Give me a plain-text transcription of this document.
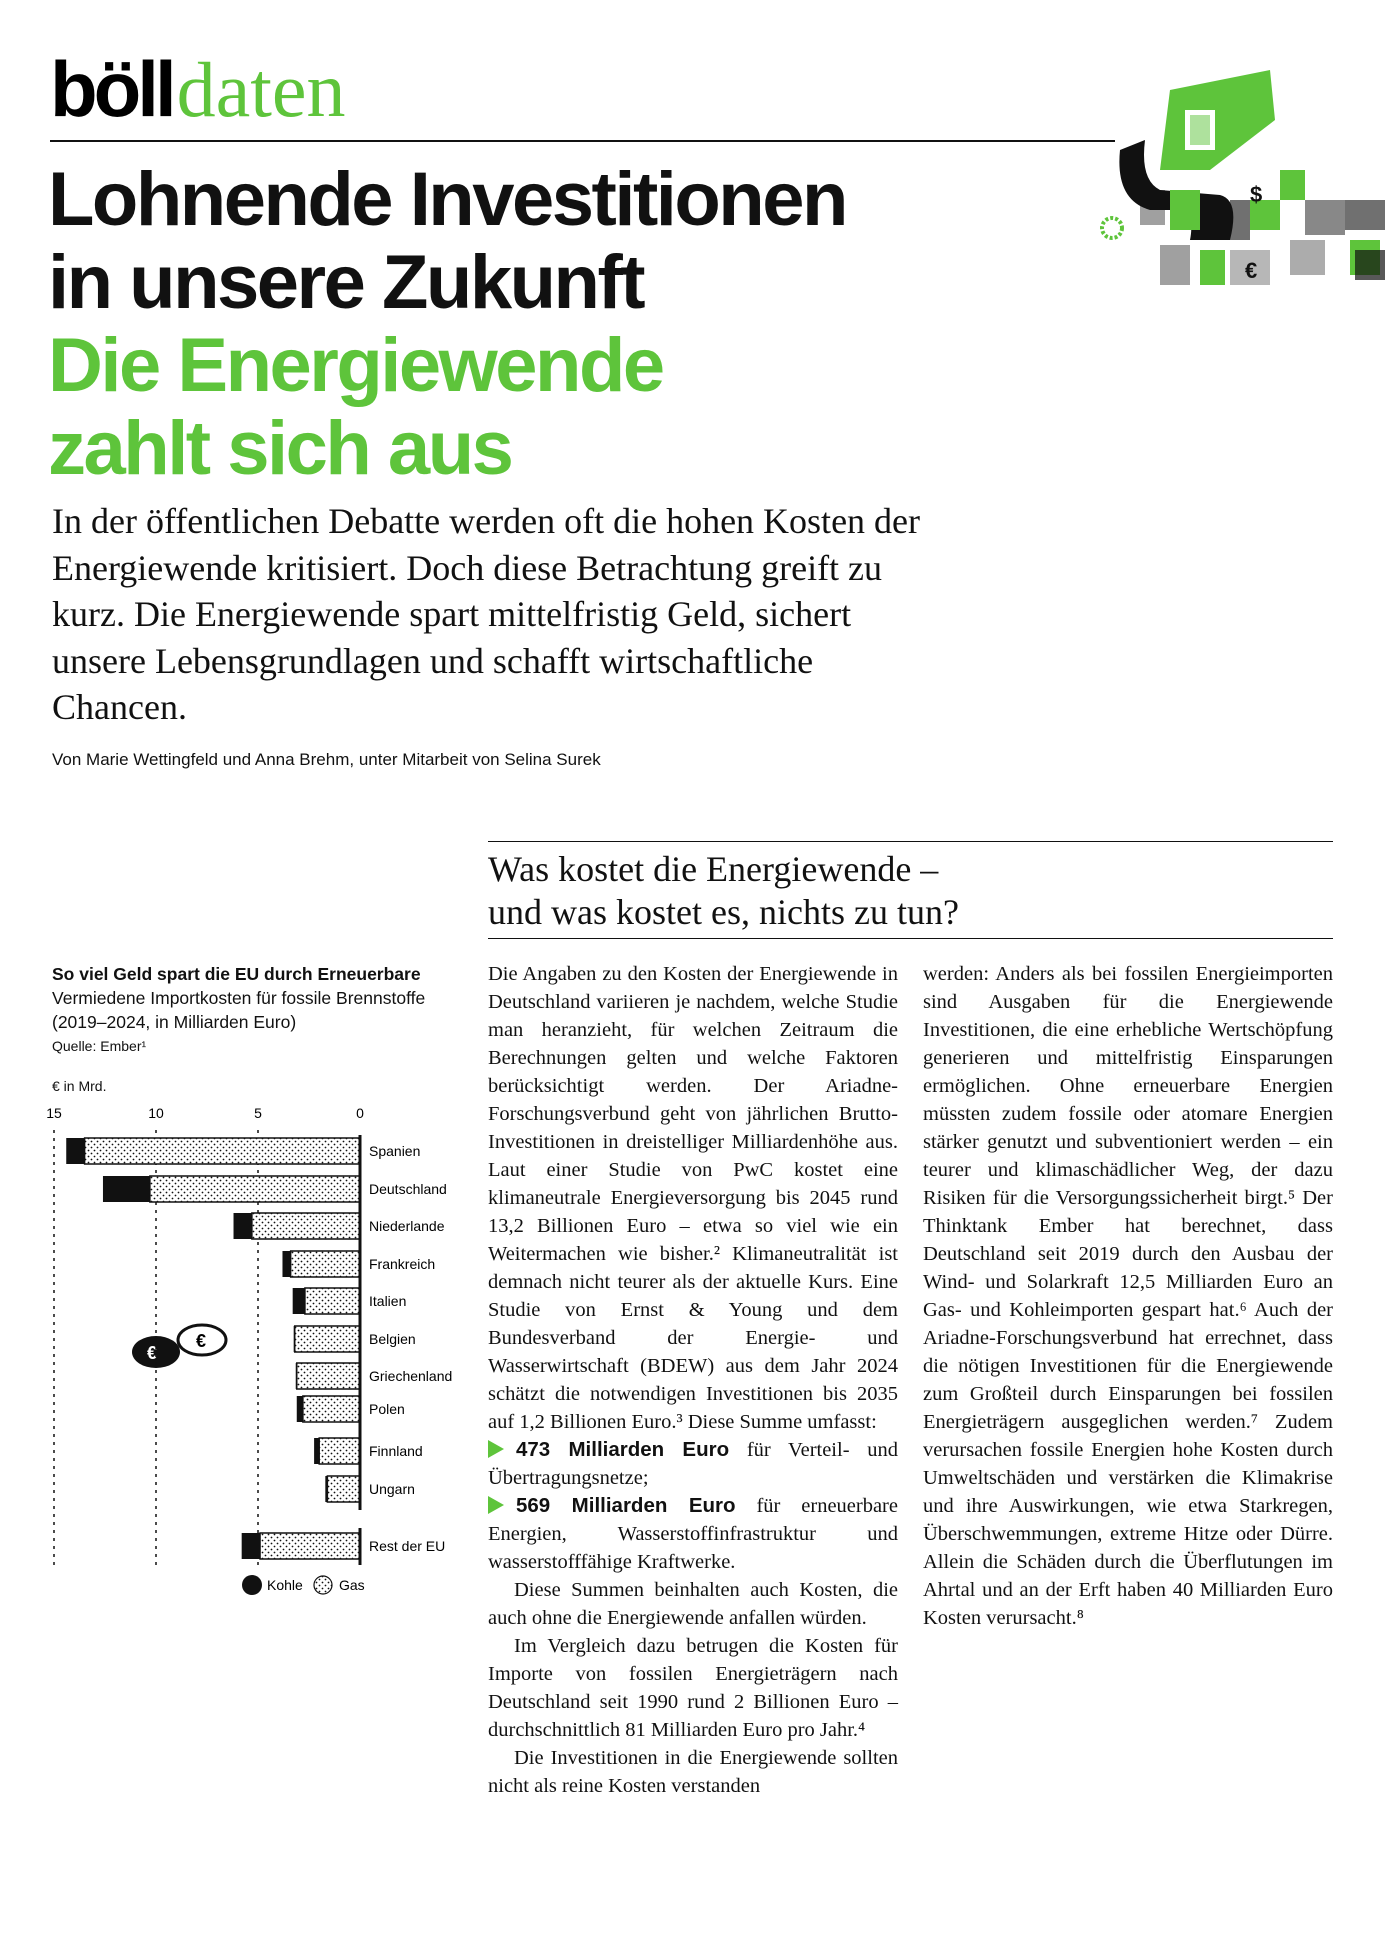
bölldaten
$
€
Lohnende Investitionen
in unsere Zukunft
Die Energiewende
zahlt sich aus

In der öffentlichen Debatte werden oft die hohen Kosten der Energiewende kritisiert. Doch diese Betrachtung greift zu kurz. Die Energiewende spart mittelfristig Geld, sichert unsere Lebensgrundlagen und schafft wirtschaftliche Chancen.

Von Marie Wettingfeld und Anna Brehm, unter Mitarbeit von Selina Surek
Was kostet die Energiewende –
und was kostet es, nichts zu tun?

Die Angaben zu den Kosten der Energiewende in Deutschland variieren je nachdem, welche Studie man heranzieht, für welchen Zeitraum die Berechnungen gelten und welche Faktoren berücksichtigt werden. Der Ariadne-Forschungsverbund geht von jährlichen Brutto-Investitionen in dreistelliger Milliardenhöhe aus. Laut einer Studie von PwC kostet eine klimaneutrale Energieversorgung bis 2045 rund 13,2 Billionen Euro – etwa so viel wie ein Weitermachen wie bisher.² Klimaneutralität ist demnach nicht teurer als der aktuelle Kurs. Eine Studie von Ernst & Young und dem Bundesverband der Energie- und Wasserwirtschaft (BDEW) aus dem Jahr 2024 schätzt die notwendigen Investitionen bis 2035 auf 1,2 Billionen Euro.³ Diese Summe umfasst:

473 Milliarden Euro für Verteil- und Übertragungsnetze;
569 Milliarden Euro für erneuerbare Energien, Wasserstoffinfrastruktur und wasserstofffähige Kraftwerke.

Diese Summen beinhalten auch Kosten, die auch ohne die Energiewende anfallen würden.

Im Vergleich dazu betrugen die Kosten für Importe von fossilen Energieträgern nach Deutschland seit 1990 rund 2 Billionen Euro – durchschnittlich 81 Milliarden Euro pro Jahr.⁴

Die Investitionen in die Energiewende sollten nicht als reine Kosten verstanden

werden: Anders als bei fossilen Energieimporten sind Ausgaben für die Energiewende Investitionen, die eine erhebliche Wertschöpfung generieren und mittelfristig Einsparungen ermöglichen. Ohne erneuerbare Energien müssten zudem fossile oder atomare Energien stärker genutzt und subventioniert werden – ein teurer und klimaschädlicher Weg, der dazu Risiken für die Versorgungssicherheit birgt.⁵ Der Thinktank Ember hat berechnet, dass Deutschland seit 2019 durch den Ausbau der Wind- und Solarkraft 12,5 Milliarden Euro an Gas- und Kohleimporten gespart hat.⁶ Auch der Ariadne-Forschungsverbund hat errechnet, dass die nötigen Investitionen für die Energiewende zum Großteil durch Einsparungen bei fossilen Energieträgern ausgeglichen werden.⁷ Zudem verursachen fossile Energien hohe Kosten durch Umweltschäden und verstärken die Klimakrise und ihre Auswirkungen, wie etwa Starkregen, Überschwemmungen, extreme Hitze oder Dürre. Allein die Schäden durch die Überflutungen im Ahrtal und an der Erft haben 40 Milliarden Euro Kosten verursacht.⁸

So viel Geld spart die EU durch Erneuerbare
Vermiedene Importkosten für fossile Brennstoffe (2019–2024, in Milliarden Euro)
Quelle: Ember¹
€ in Mrd.
€
€
15	10	5	0
Spanien
Deutschland
Niederlande
Frankreich
Italien
Belgien
Griechenland
Polen
Finnland
Ungarn
Rest der EU
Kohle	Gas
